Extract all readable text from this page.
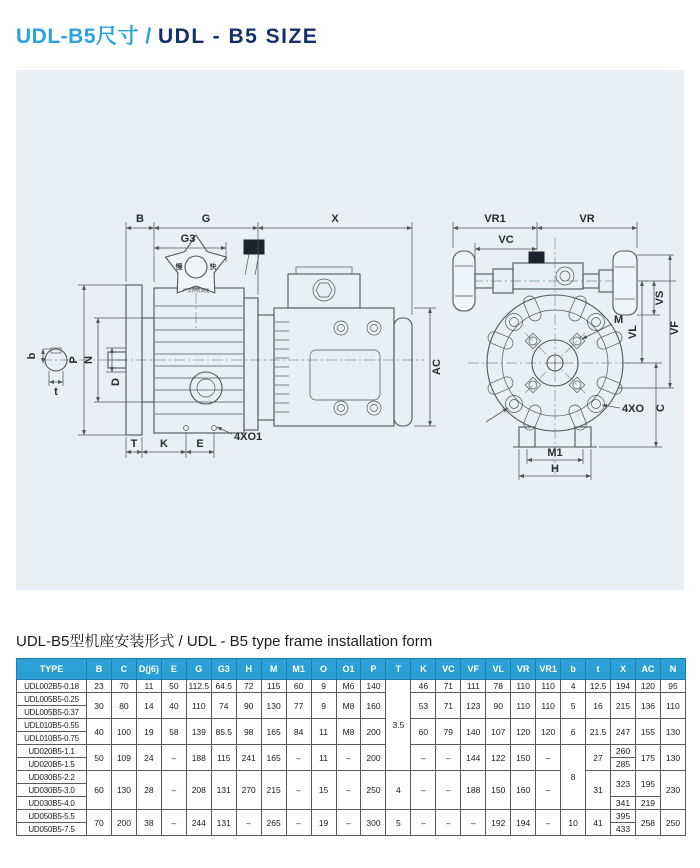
UDL-B5尺寸 / UDL - B5 SIZE
b
t
慢	快
严禁停机调速
B	G	X
G3
P N
D
T K	E
4XO1
AC
VR1	VR
VC
VS
VL	VF
C
M
4XO
M1
H
UDL-B5型机座安装形式 / UDL - B5 type frame installation form
TYPE	B	C	D(j6)	E	G	G3	H	M	M1	O	O1	P	T	K	VC	VF	VL	VR	VR1	b	t	X	AC	N
UDL002B5-0.18	23	70	11	50	112.5	64.5	72	115	60	9	M6	140	3.5	46	71	111	78	110	110	4	12.5	194	120	95
UDL005B5-0.25	30	80	14	40	110	74	90	130	77	9	M8	160		53	71	123	90	110	110	5	16	215	136	110
UDL005B5-0.37																								
UDL010B5-0.55	40	100	19	58	139	85.5	98	165	84	11	M8	200		60	79	140	107	120	120	6	21.5	247	155	130
UDL010B5-0.75																								
UD020B5-1.1	50	109	24	–	188	115	241	165	–	11	–	200		–	–	144	122	150	–	8	27	260	175	130
UD020B5-1.5																						285		
UD030B5-2.2	60	130	28	–	208	131	270	215	–	15	–	250	4	–	–	188	150	160	–		31	323	195	230
UD030B5-3.0																								
UD030B5-4.0																						341	219	
UD050B5-5.5	70	200	38	–	244	131	–	265	–	19	–	300	5	–	–	–	192	194	–	10	41	395	258	250
UD050B5-7.5																						433		
